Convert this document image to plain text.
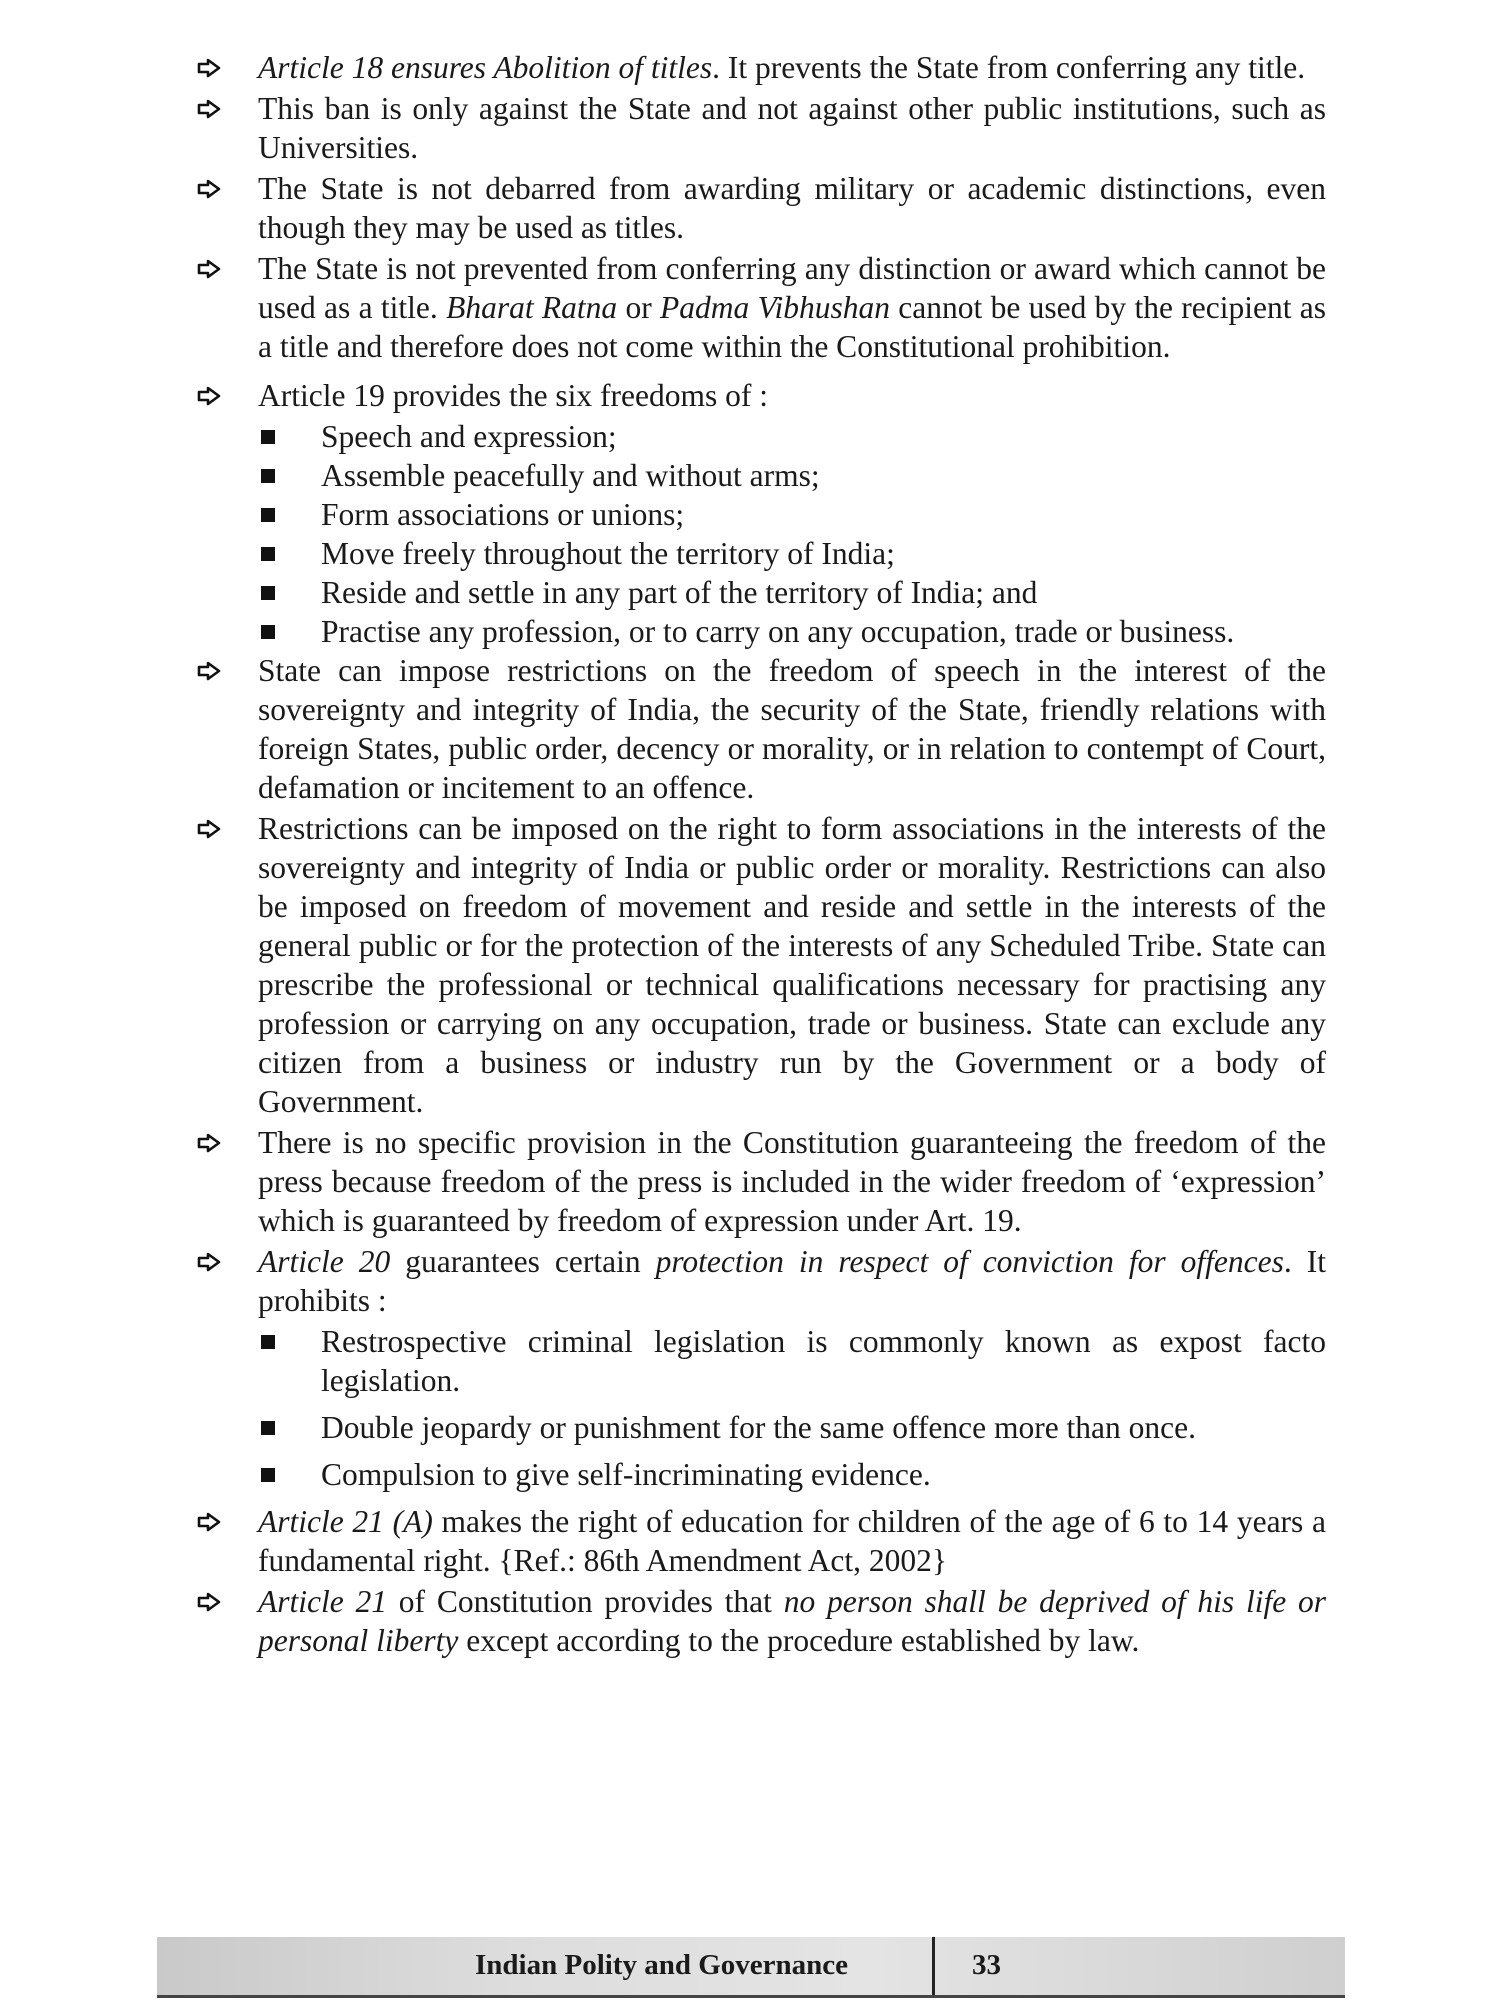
Article 18 ensures Abolition of titles. It prevents the State from conferring any title.
This ban is only against the State and not against other public institutions, such as Universities.
The State is not debarred from awarding military or academic distinctions, even though they may be used as titles.
The State is not prevented from conferring any distinction or award which cannot be used as a title. Bharat Ratna or Padma Vibhushan cannot be used by the recipient as a title and therefore does not come within the Constitutional prohibition.
Article 19 provides the six freedoms of :
Speech and expression;
Assemble peacefully and without arms;
Form associations or unions;
Move freely throughout the territory of India;
Reside and settle in any part of the territory of India; and
Practise any profession, or to carry on any occupation, trade or business.
State can impose restrictions on the freedom of speech in the interest of the sovereignty and integrity of India, the security of the State, friendly relations with foreign States, public order, decency or morality, or in relation to contempt of Court, defamation or incitement to an offence.
Restrictions can be imposed on the right to form associations in the interests of the sovereignty and integrity of India or public order or morality. Restrictions can also be imposed on freedom of movement and reside and settle in the interests of the general public or for the protection of the interests of any Scheduled Tribe. State can prescribe the professional or technical qualifications necessary for practising any profession or carrying on any occupation, trade or business. State can exclude any citizen from a business or industry run by the Government or a body of Government.
There is no specific provision in the Constitution guaranteeing the freedom of the press because freedom of the press is included in the wider freedom of ‘expression’ which is guaranteed by freedom of expression under Art. 19.
Article 20 guarantees certain protection in respect of conviction for offences. It prohibits :
Restrospective criminal legislation is commonly known as expost facto legislation.
Double jeopardy or punishment for the same offence more than once.
Compulsion to give self-incriminating evidence.
Article 21 (A) makes the right of education for children of the age of 6 to 14 years a fundamental right. {Ref.: 86th Amendment Act, 2002}
Article 21 of Constitution provides that no person shall be deprived of his life or personal liberty except according to the procedure established by law.
Indian Polity and Governance	33
